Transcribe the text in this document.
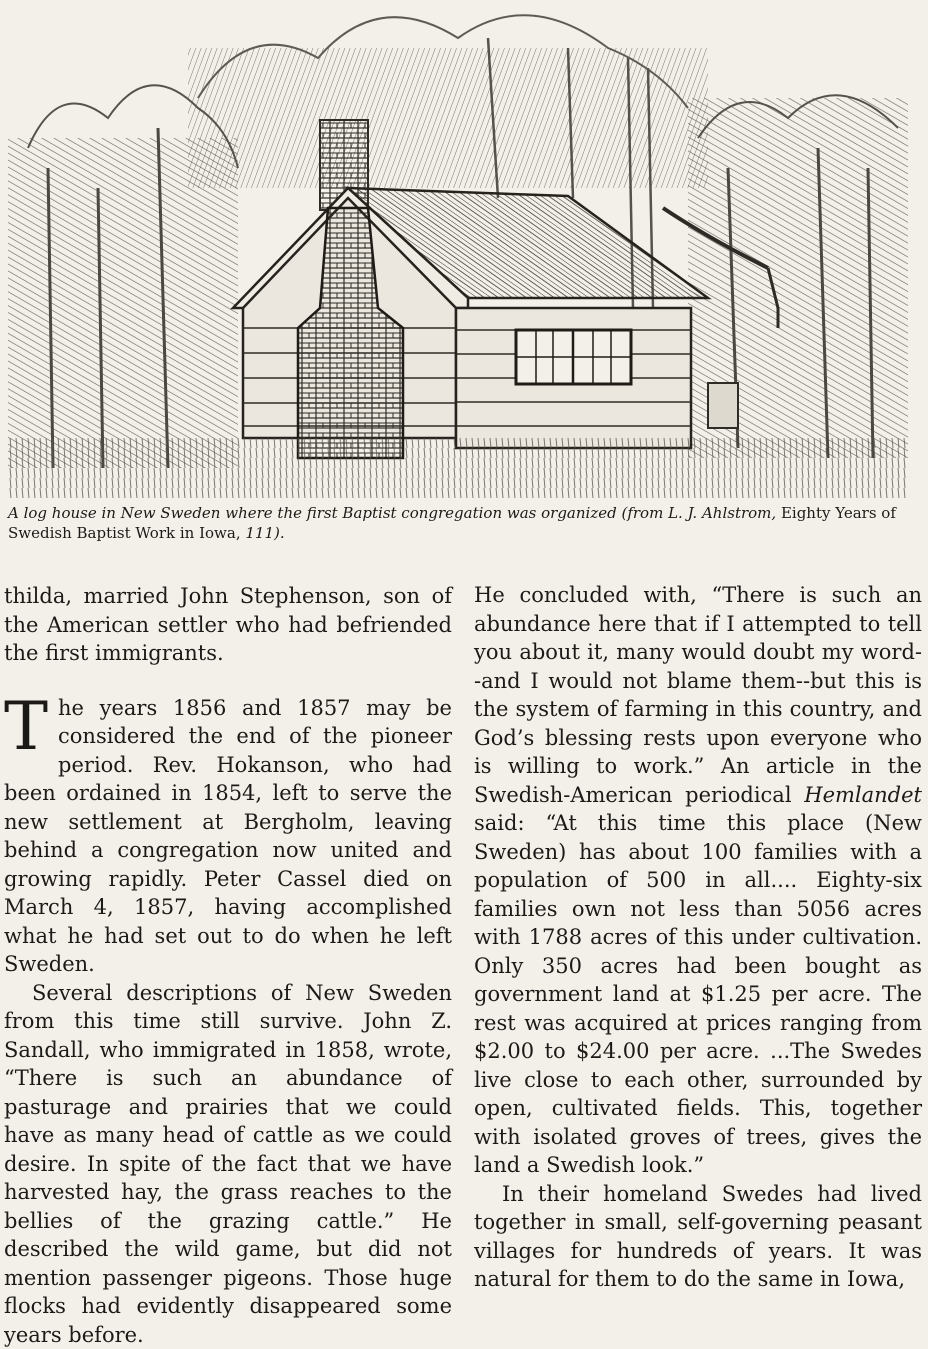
A log house in New Sweden where the first Baptist congregation was organized (from L. J. Ahlstrom, Eighty Years of Swedish Baptist Work in Iowa, 111).

thilda, married John Stephenson, son of the American settler who had befriended the first immigrants.

The years 1856 and 1857 may be considered the end of the pioneer period. Rev. Hokanson, who had been ordained in 1854, left to serve the new settlement at Bergholm, leaving behind a congregation now united and growing rapidly. Peter Cassel died on March 4, 1857, having accomplished what he had set out to do when he left Sweden.

Several descriptions of New Sweden from this time still survive. John Z. Sandall, who immigrated in 1858, wrote, “There is such an abundance of pasturage and prairies that we could have as many head of cattle as we could desire. In spite of the fact that we have harvested hay, the grass reaches to the bellies of the grazing cattle.” He described the wild game, but did not mention passenger pigeons. Those huge flocks had evidently disappeared some years before.

He concluded with, “There is such an abundance here that if I attempted to tell you about it, many would doubt my word--and I would not blame them--but this is the system of farming in this country, and God’s blessing rests upon everyone who is willing to work.” An article in the Swedish-American periodical Hemlandet said: “At this time this place (New Sweden) has about 100 families with a population of 500 in all.... Eighty-six families own not less than 5056 acres with 1788 acres of this under cultivation. Only 350 acres had been bought as government land at $1.25 per acre. The rest was acquired at prices ranging from $2.00 to $24.00 per acre. ...The Swedes live close to each other, surrounded by open, cultivated fields. This, together with isolated groves of trees, gives the land a Swedish look.”

In their homeland Swedes had lived together in small, self-governing peasant villages for hundreds of years. It was natural for them to do the same in Iowa,
